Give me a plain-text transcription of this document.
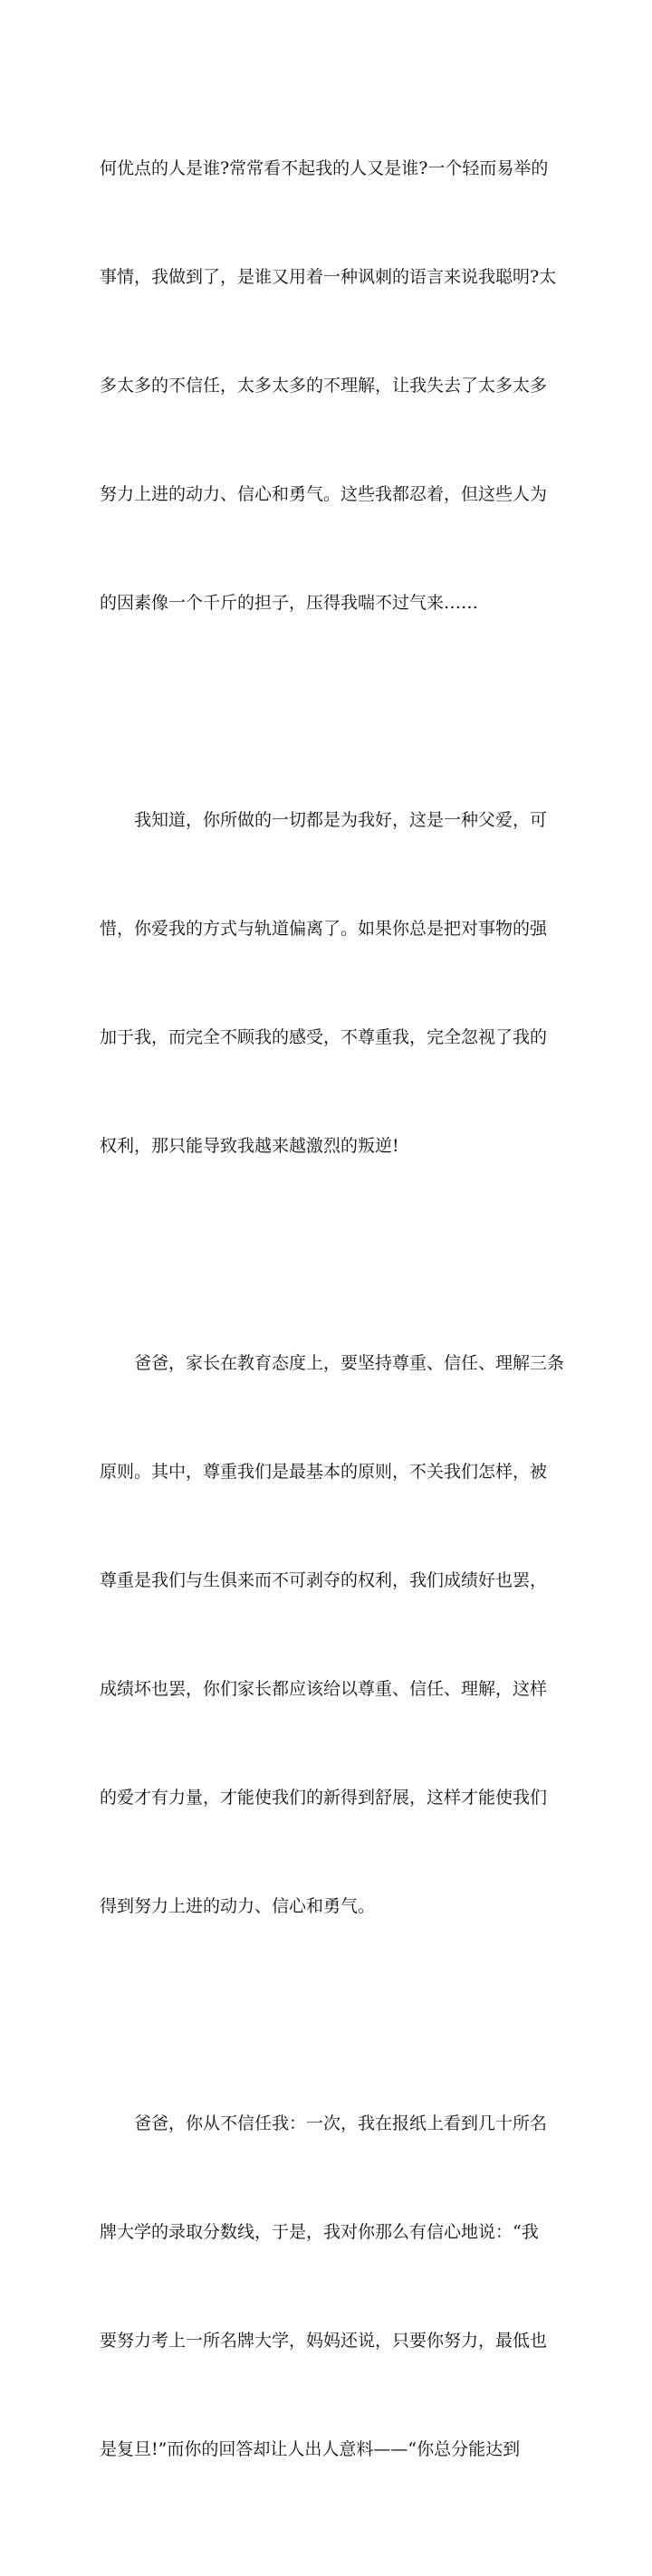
何优点的人是谁?常常看不起我的人又是谁?一个轻而易举的

事情，我做到了，是谁又用着一种讽刺的语言来说我聪明?太

多太多的不信任，太多太多的不理解，让我失去了太多太多

努力上进的动力、信心和勇气。这些我都忍着，但这些人为

的因素像一个千斤的担子，压得我喘不过气来……

我知道，你所做的一切都是为我好，这是一种父爱，可

惜，你爱我的方式与轨道偏离了。如果你总是把对事物的强

加于我，而完全不顾我的感受，不尊重我，完全忽视了我的

权利，那只能导致我越来越激烈的叛逆!

爸爸，家长在教育态度上，要坚持尊重、信任、理解三条

原则。其中，尊重我们是最基本的原则，不关我们怎样，被

尊重是我们与生俱来而不可剥夺的权利，我们成绩好也罢，

成绩坏也罢，你们家长都应该给以尊重、信任、理解，这样

的爱才有力量，才能使我们的新得到舒展，这样才能使我们

得到努力上进的动力、信心和勇气。

爸爸，你从不信任我：一次，我在报纸上看到几十所名

牌大学的录取分数线，于是，我对你那么有信心地说：“我

要努力考上一所名牌大学，妈妈还说，只要你努力，最低也

是复旦!”而你的回答却让人出人意料——“你总分能达到
